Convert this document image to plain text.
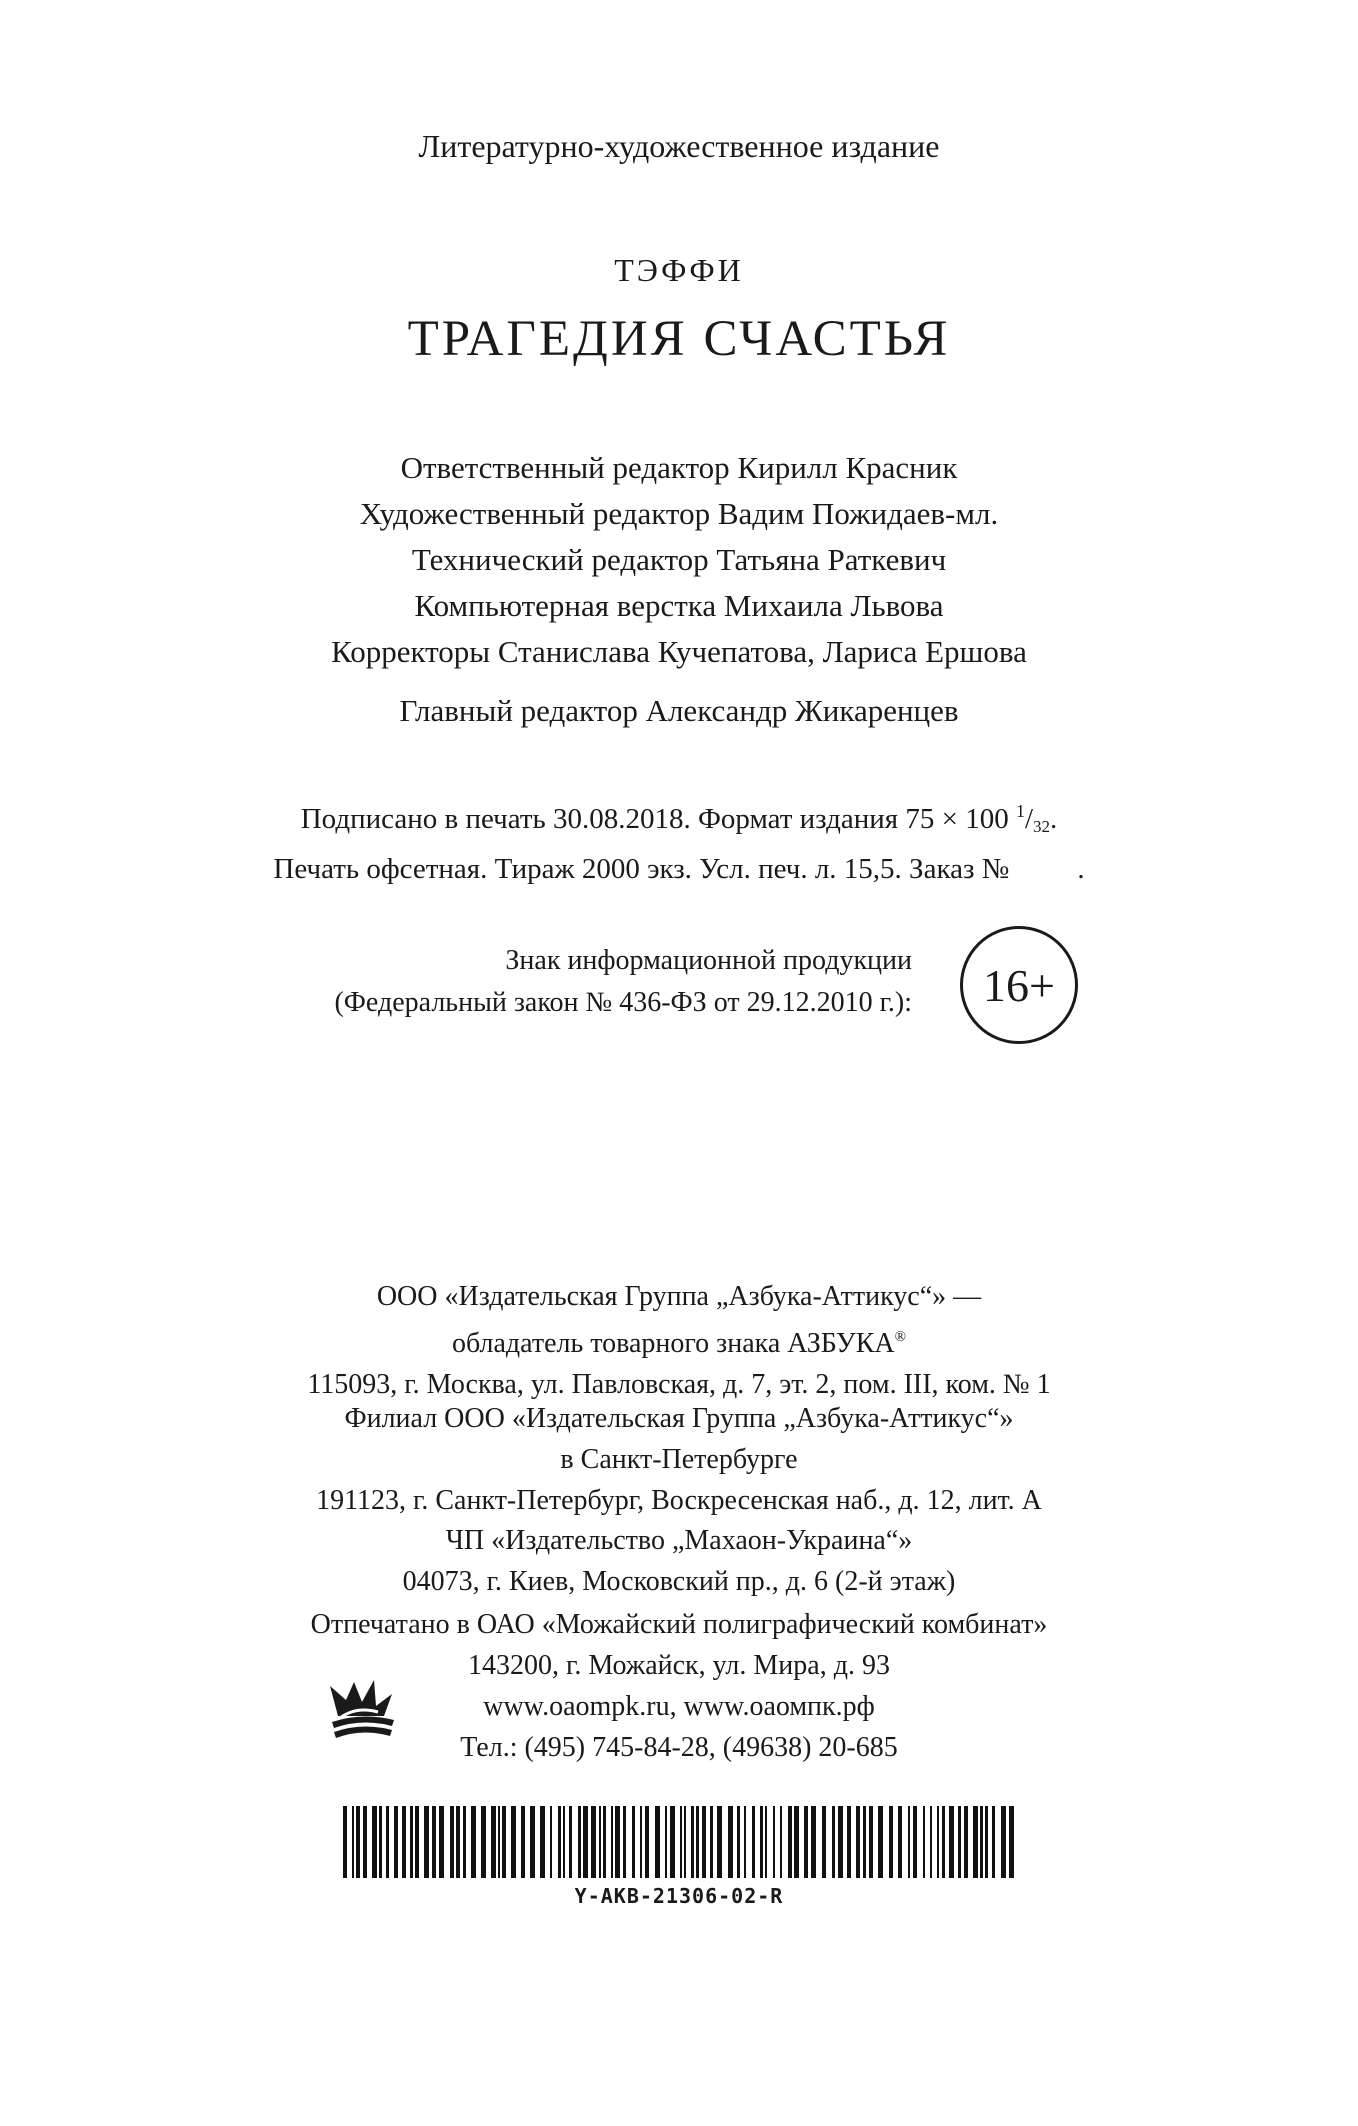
Литературно-художественное издание
ТЭФФИ
ТРАГЕДИЯ СЧАСТЬЯ
Ответственный редактор Кирилл Красник
Художественный редактор Вадим Пожидаев-мл.
Технический редактор Татьяна Раткевич
Компьютерная верстка Михаила Львова
Корректоры Станислава Кучепатова, Лариса Ершова
Главный редактор Александр Жикаренцев
Подписано в печать 30.08.2018. Формат издания 75 × 100 $^1/_{32}$.
Печать офсетная. Тираж 2000 экз. Усл. печ. л. 15,5. Заказ № .
Знак информационной продукции
(Федеральный закон № 436-ФЗ от 29.12.2010 г.): 16+
ООО «Издательская Группа „Азбука-Аттикус“» —
обладатель товарного знака АЗБУКА®
115093, г. Москва, ул. Павловская, д. 7, эт. 2, пом. III, ком. № 1
Филиал ООО «Издательская Группа „Азбука-Аттикус“»
в Санкт-Петербурге
191123, г. Санкт-Петербург, Воскресенская наб., д. 12, лит. А
ЧП «Издательство „Махаон-Украина“»
04073, г. Киев, Московский пр., д. 6 (2-й этаж)
Отпечатано в ОАО «Можайский полиграфический комбинат»
143200, г. Можайск, ул. Мира, д. 93
www.oaompk.ru, www.оаомпк.рф
Тел.: (495) 745-84-28, (49638) 20-685
Y-AKB-21306-02-R
